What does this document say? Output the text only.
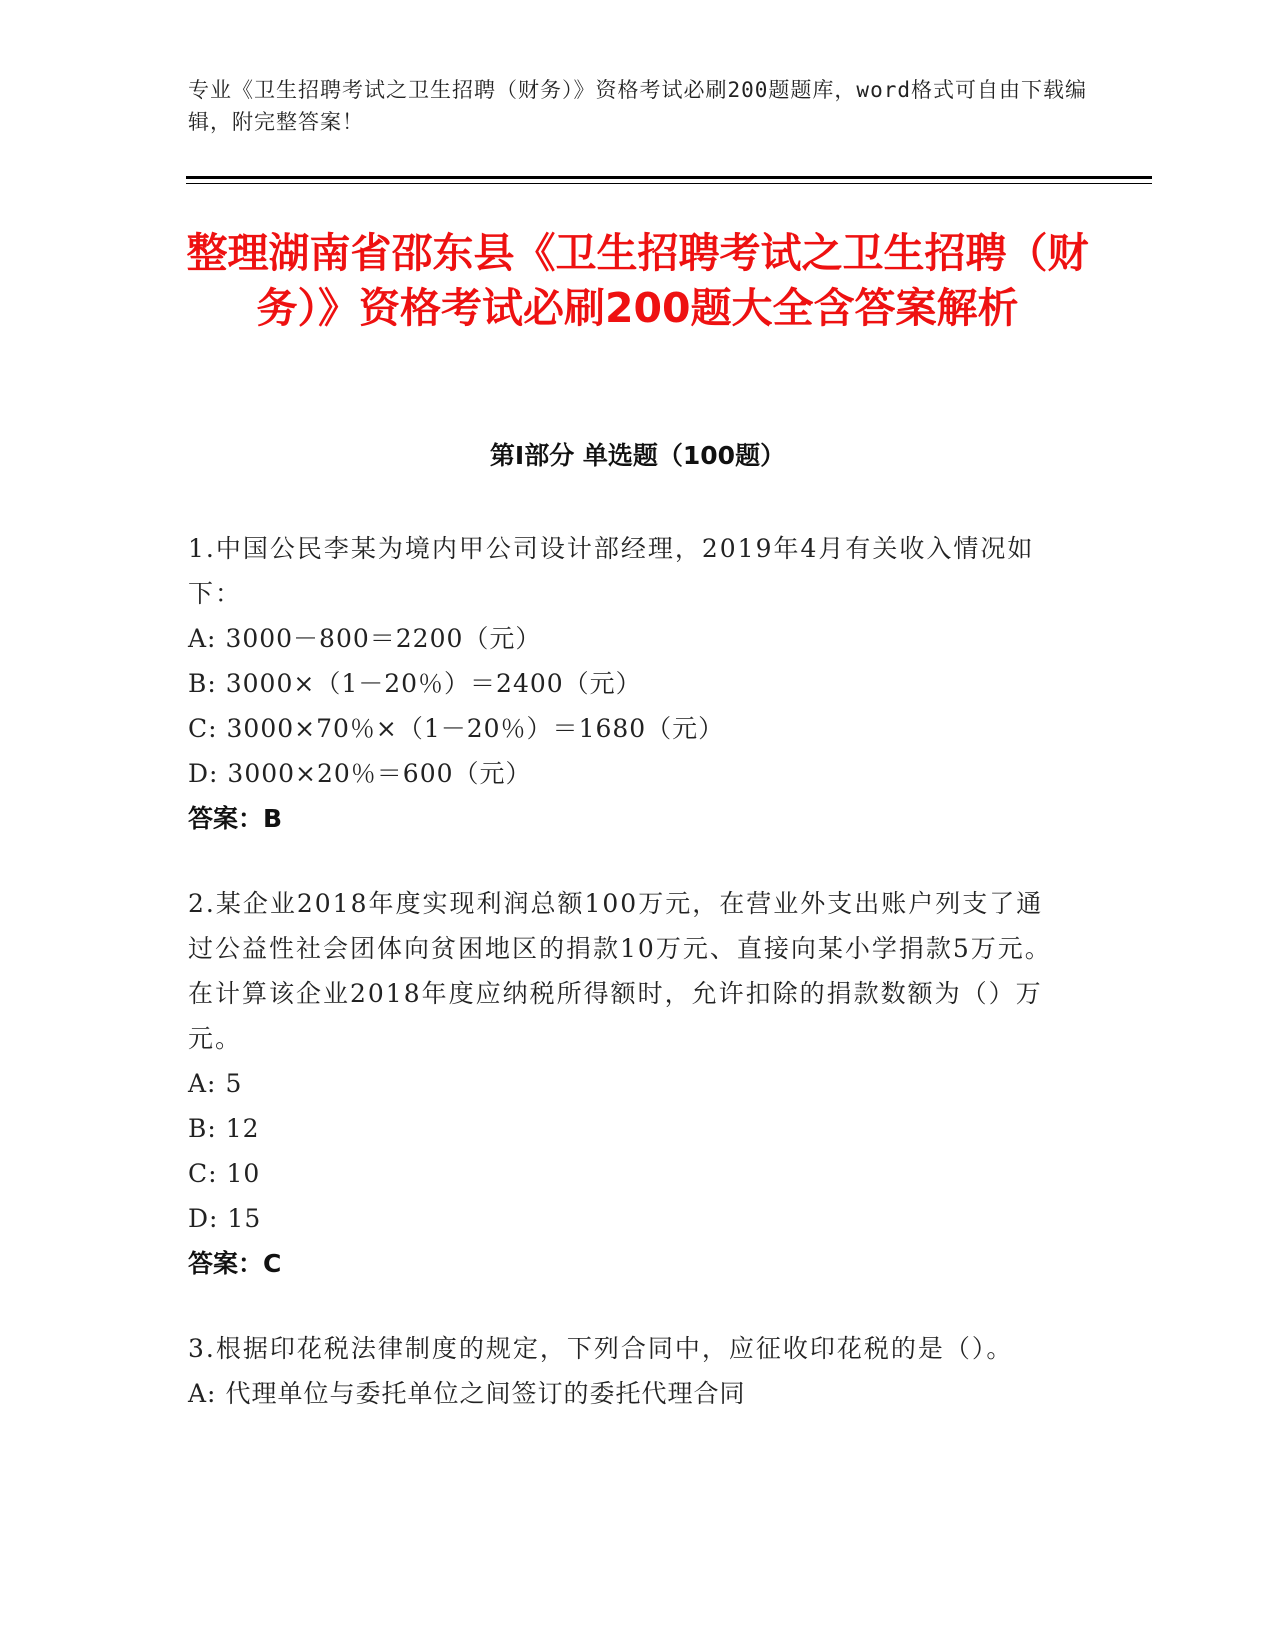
专业《卫生招聘考试之卫生招聘（财务）》资格考试必刷200题题库，word格式可自由下载编辑，附完整答案！
整理湖南省邵东县《卫生招聘考试之卫生招聘（财务）》资格考试必刷200题大全含答案解析
第Ⅰ部分 单选题（100题）
1.中国公民李某为境内甲公司设计部经理，2019年4月有关收入情况如下：
A: 3000－800＝2200（元）
B: 3000×（1－20％）＝2400（元）
C: 3000×70％×（1－20％）＝1680（元）
D: 3000×20％＝600（元）
答案：B
2.某企业2018年度实现利润总额100万元，在营业外支出账户列支了通过公益性社会团体向贫困地区的捐款10万元、直接向某小学捐款5万元。在计算该企业2018年度应纳税所得额时，允许扣除的捐款数额为（）万元。
A: 5
B: 12
C: 10
D: 15
答案：C
3.根据印花税法律制度的规定，下列合同中，应征收印花税的是（）。
A: 代理单位与委托单位之间签订的委托代理合同
